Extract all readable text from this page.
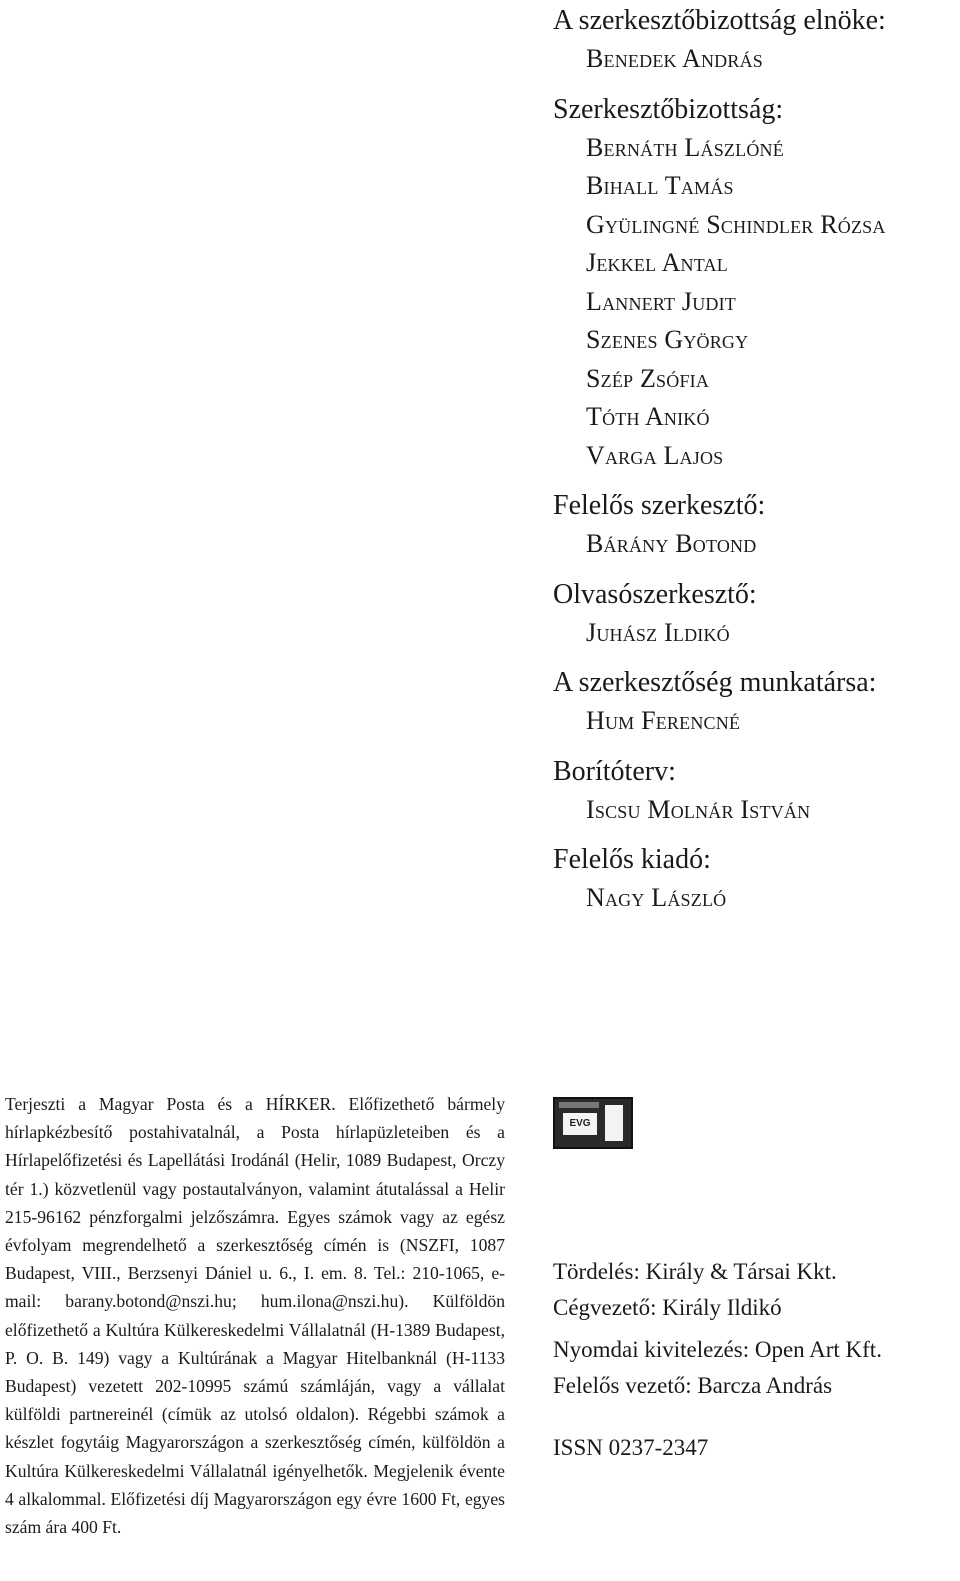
A szerkesztőbizottság elnöke:
Benedek András
Szerkesztőbizottság:
Bernáth Lászlóné
Bihall Tamás
Gyülingné Schindler Rózsa
Jekkel Antal
Lannert Judit
Szenes György
Szép Zsófia
Tóth Anikó
Varga Lajos
Felelős szerkesztő:
Bárány Botond
Olvasószerkesztő:
Juhász Ildikó
A szerkesztőség munkatársa:
Hum Ferencné
Borítóterv:
Iscsu Molnár István
Felelős kiadó:
Nagy László
Terjeszti a Magyar Posta és a HÍRKER. Előfizethető bármely hírlapkézbesítő postahivatalnál, a Posta hírlapüzleteiben és a Hírlapelőfizetési és Lapellátási Irodánál (Helir, 1089 Budapest, Orczy tér 1.) közvetlenül vagy postautalványon, valamint átutalással a Helir 215-96162 pénzforgalmi jelzőszámra. Egyes számok vagy az egész évfolyam megrendelhető a szerkesztőség címén is (NSZFI, 1087 Budapest, VIII., Berzsenyi Dániel u. 6., I. em. 8. Tel.: 210-1065, e-mail: barany.botond@nszi.hu; hum.ilona@nszi.hu). Külföldön előfizethető a Kultúra Külkereskedelmi Vállalatnál (H-1389 Budapest, P. O. B. 149) vagy a Kultúrának a Magyar Hitelbanknál (H-1133 Budapest) vezetett 202-10995 számú számláján, vagy a vállalat külföldi partnereinél (címük az utolsó oldalon). Régebbi számok a készlet fogytáig Magyarországon a szerkesztőség címén, külföldön a Kultúra Külkereskedelmi Vállalatnál igényelhetők. Megjelenik évente 4 alkalommal. Előfizetési díj Magyarországon egy évre 1600 Ft, egyes szám ára 400 Ft.
EVG
Tördelés: Király & Társai Kkt.
Cégvezető: Király Ildikó
Nyomdai kivitelezés: Open Art Kft.
Felelős vezető: Barcza András
ISSN 0237-2347
